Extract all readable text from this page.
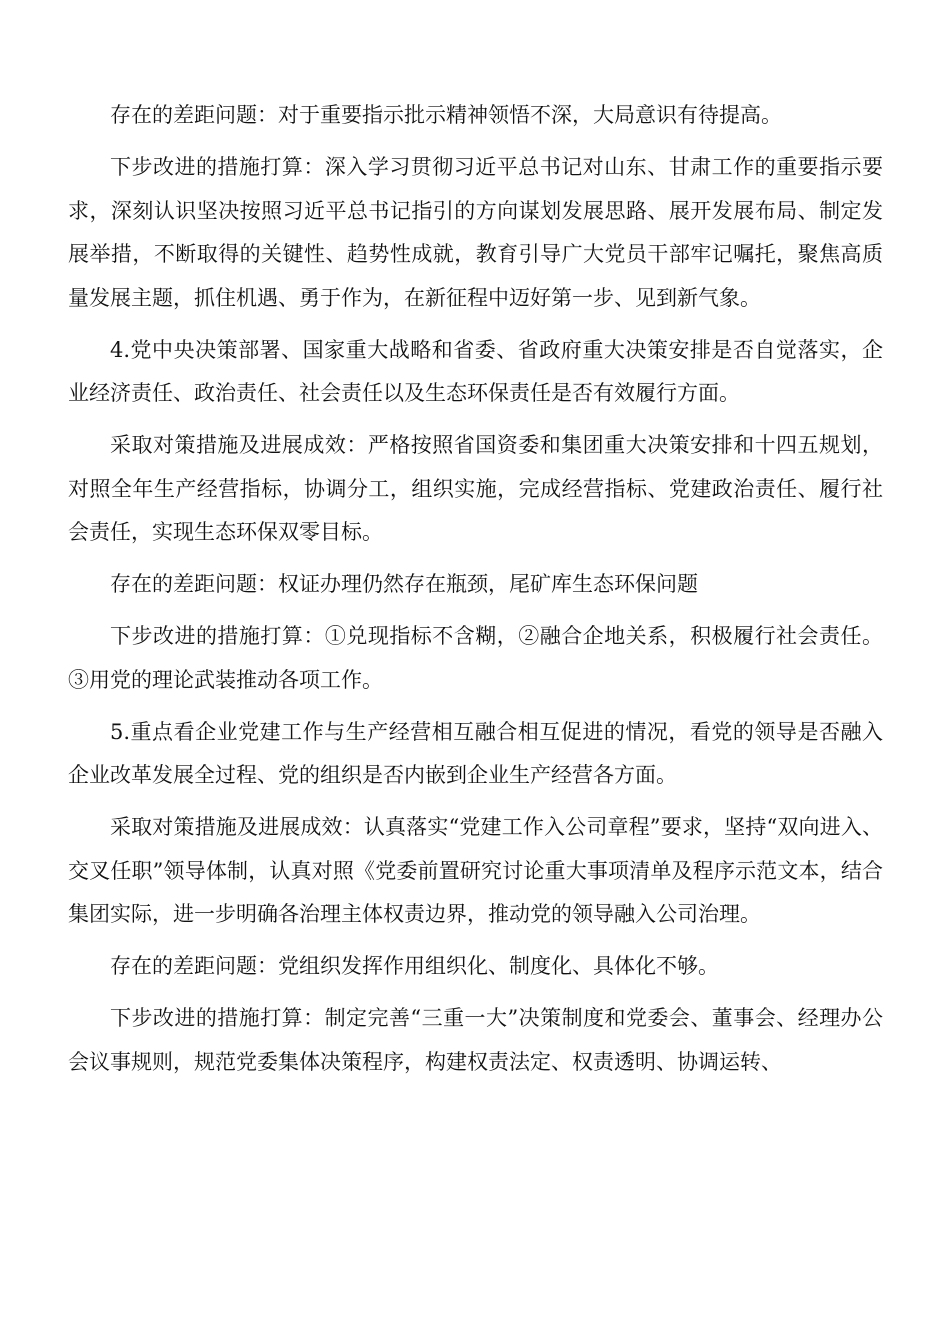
存在的差距问题：对于重要指示批示精神领悟不深，大局意识有待提高。

下步改进的措施打算：深入学习贯彻习近平总书记对山东、甘肃工作的重要指示要求，深刻认识坚决按照习近平总书记指引的方向谋划发展思路、展开发展布局、制定发展举措，不断取得的关键性、趋势性成就，教育引导广大党员干部牢记嘱托，聚焦高质量发展主题，抓住机遇、勇于作为，在新征程中迈好第一步、见到新气象。

4.党中央决策部署、国家重大战略和省委、省政府重大决策安排是否自觉落实，企业经济责任、政治责任、社会责任以及生态环保责任是否有效履行方面。

采取对策措施及进展成效：严格按照省国资委和集团重大决策安排和十四五规划，对照全年生产经营指标，协调分工，组织实施，完成经营指标、党建政治责任、履行社会责任，实现生态环保双零目标。

存在的差距问题：权证办理仍然存在瓶颈，尾矿库生态环保问题

下步改进的措施打算：①兑现指标不含糊，②融合企地关系，积极履行社会责任。③用党的理论武装推动各项工作。

5.重点看企业党建工作与生产经营相互融合相互促进的情况，看党的领导是否融入企业改革发展全过程、党的组织是否内嵌到企业生产经营各方面。

采取对策措施及进展成效：认真落实“党建工作入公司章程”要求，坚持“双向进入、交叉任职”领导体制，认真对照《党委前置研究讨论重大事项清单及程序示范文本，结合集团实际，进一步明确各治理主体权责边界，推动党的领导融入公司治理。

存在的差距问题：党组织发挥作用组织化、制度化、具体化不够。

下步改进的措施打算：制定完善“三重一大”决策制度和党委会、董事会、经理办公会议事规则，规范党委集体决策程序，构建权责法定、权责透明、协调运转、
